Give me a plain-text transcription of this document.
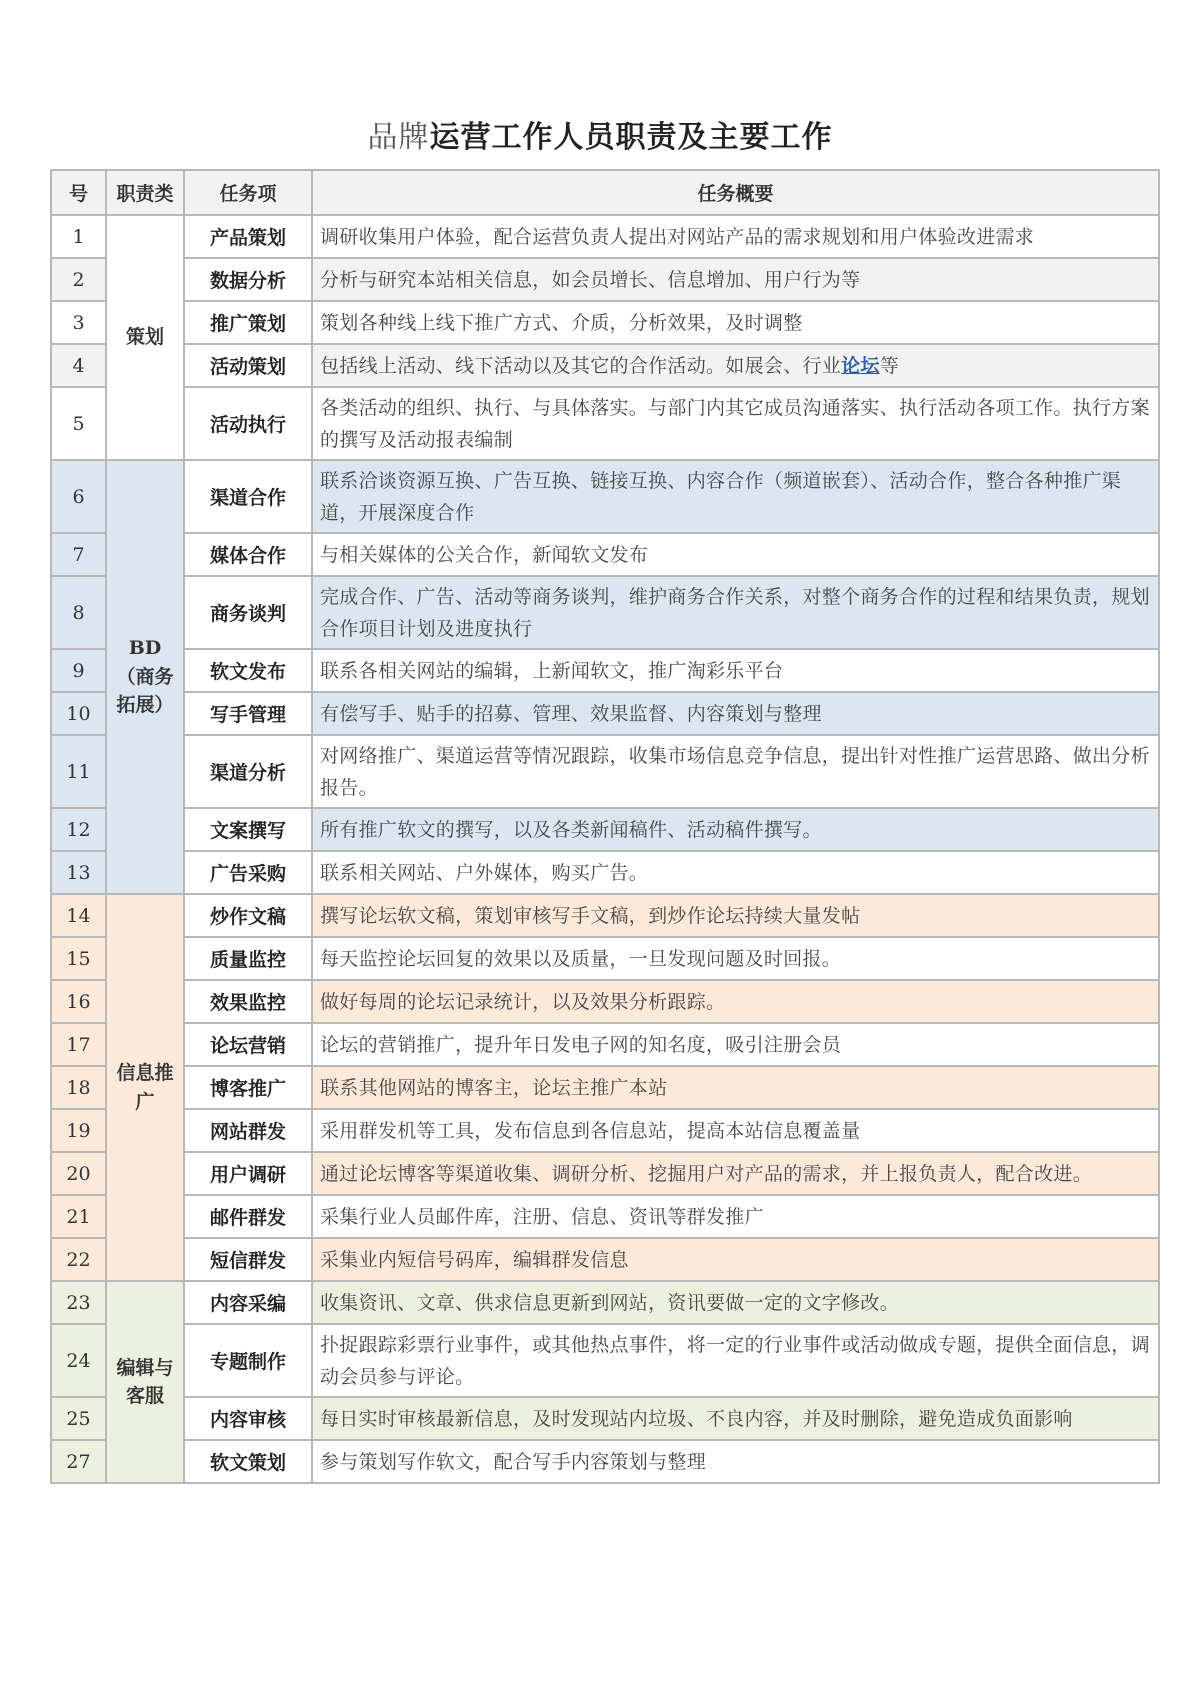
品牌运营工作人员职责及主要工作
号	职责类	任务项	任务概要
1	策划	产品策划	调研收集用户体验，配合运营负责人提出对网站产品的需求规划和用户体验改进需求
2		数据分析	分析与研究本站相关信息，如会员增长、信息增加、用户行为等
3		推广策划	策划各种线上线下推广方式、介质，分析效果，及时调整
4		活动策划	包括线上活动、线下活动以及其它的合作活动。如展会、行业论坛等
5		活动执行	各类活动的组织、执行、与具体落实。与部门内其它成员沟通落实、执行活动各项工作。执行方案的撰写及活动报表编制
6	BD（商务拓展）	渠道合作	联系洽谈资源互换、广告互换、链接互换、内容合作（频道嵌套）、活动合作，整合各种推广渠道，开展深度合作
7		媒体合作	与相关媒体的公关合作，新闻软文发布
8		商务谈判	完成合作、广告、活动等商务谈判，维护商务合作关系，对整个商务合作的过程和结果负责，规划合作项目计划及进度执行
9		软文发布	联系各相关网站的编辑，上新闻软文，推广淘彩乐平台
10		写手管理	有偿写手、贴手的招募、管理、效果监督、内容策划与整理
11		渠道分析	对网络推广、渠道运营等情况跟踪，收集市场信息竞争信息，提出针对性推广运营思路、做出分析报告。
12		文案撰写	所有推广软文的撰写，以及各类新闻稿件、活动稿件撰写。
13		广告采购	联系相关网站、户外媒体，购买广告。
14	信息推广	炒作文稿	撰写论坛软文稿，策划审核写手文稿，到炒作论坛持续大量发帖
15		质量监控	每天监控论坛回复的效果以及质量，一旦发现问题及时回报。
16		效果监控	做好每周的论坛记录统计，以及效果分析跟踪。
17		论坛营销	论坛的营销推广，提升年日发电子网的知名度，吸引注册会员
18		博客推广	联系其他网站的博客主，论坛主推广本站
19		网站群发	采用群发机等工具，发布信息到各信息站，提高本站信息覆盖量
20		用户调研	通过论坛博客等渠道收集、调研分析、挖掘用户对产品的需求，并上报负责人，配合改进。
21		邮件群发	采集行业人员邮件库，注册、信息、资讯等群发推广
22		短信群发	采集业内短信号码库，编辑群发信息
23	编辑与客服	内容采编	收集资讯、文章、供求信息更新到网站，资讯要做一定的文字修改。
24		专题制作	扑捉跟踪彩票行业事件，或其他热点事件，将一定的行业事件或活动做成专题，提供全面信息，调动会员参与评论。
25		内容审核	每日实时审核最新信息，及时发现站内垃圾、不良内容，并及时删除，避免造成负面影响
27		软文策划	参与策划写作软文，配合写手内容策划与整理
